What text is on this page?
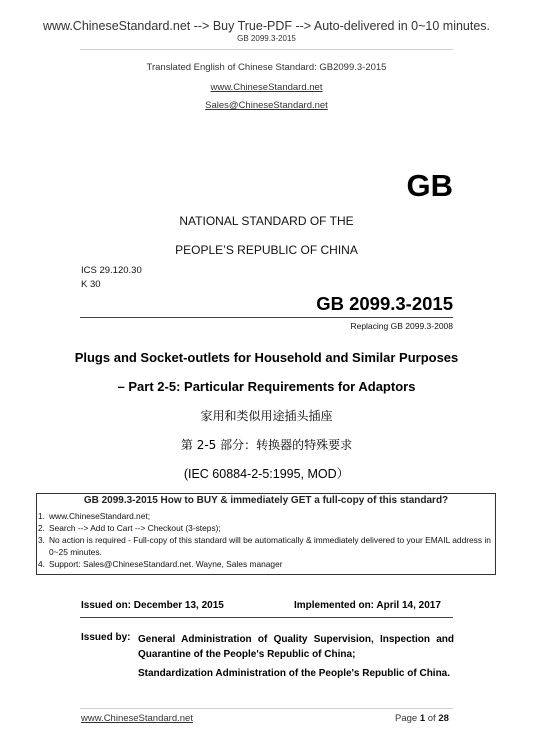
www.ChineseStandard.net --> Buy True-PDF --> Auto-delivered in 0~10 minutes.
GB 2099.3-2015
Translated English of Chinese Standard: GB2099.3-2015
www.ChineseStandard.net
Sales@ChineseStandard.net
GB
NATIONAL STANDARD OF THE
PEOPLE’S REPUBLIC OF CHINA
ICS 29.120.30
K 30
GB 2099.3-2015
Replacing GB 2099.3-2008
Plugs and Socket-outlets for Household and Similar Purposes
– Part 2-5: Particular Requirements for Adaptors
家用和类似用途插头插座
第 2-5 部分：转换器的特殊要求
(IEC 60884-2-5:1995, MOD）
GB 2099.3-2015 How to BUY & immediately GET a full-copy of this standard?
1. www.ChineseStandard.net;
2. Search --> Add to Cart --> Checkout (3-steps);
3. No action is required - Full-copy of this standard will be automatically & immediately delivered to your EMAIL address in 0~25 minutes.
4. Support: Sales@ChineseStandard.net. Wayne, Sales manager
Issued on: December 13, 2015	Implemented on: April 14, 2017
Issued by: General Administration of Quality Supervision, Inspection and Quarantine of the People's Republic of China;
Standardization Administration of the People's Republic of China.
www.ChineseStandard.net	Page 1 of 28
